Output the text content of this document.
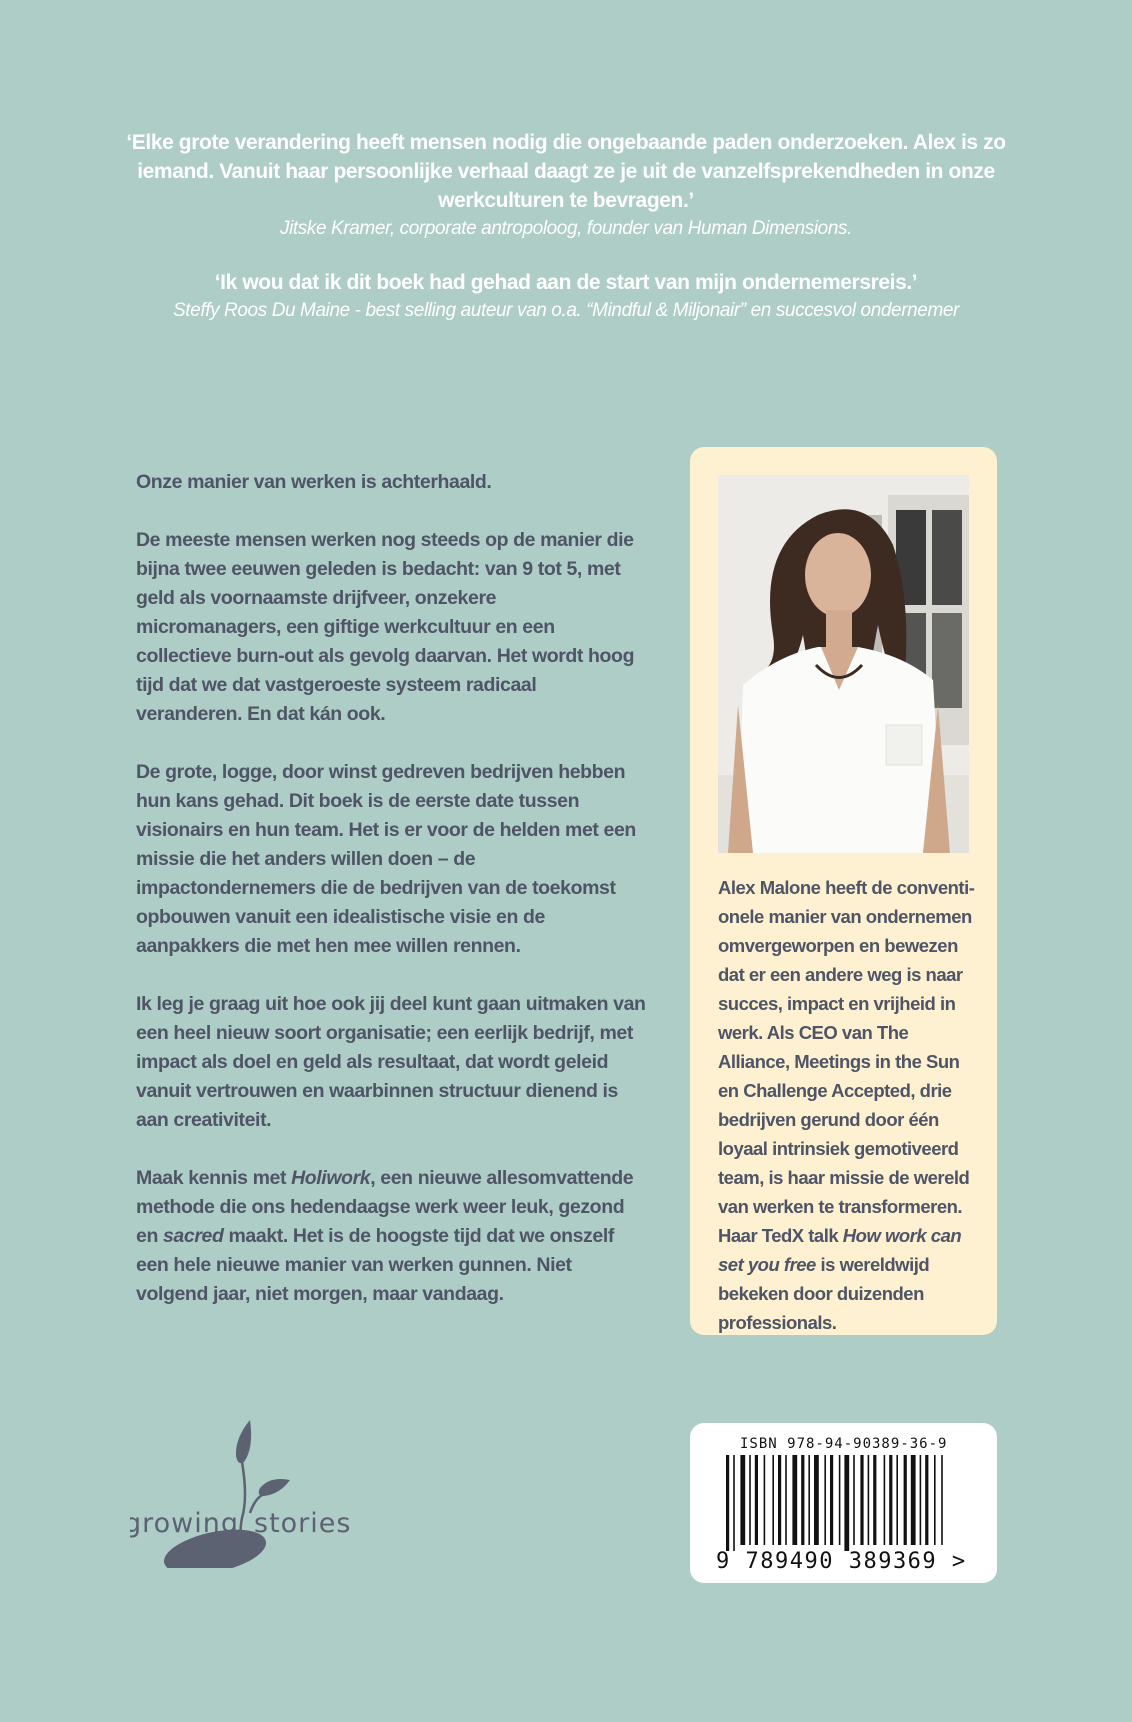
‘Elke grote verandering heeft mensen nodig die ongebaande paden onderzoeken. Alex is zo iemand. Vanuit haar persoonlijke verhaal daagt ze je uit de vanzelfsprekendheden in onze werkculturen te bevragen.’
Jitske Kramer, corporate antropoloog, founder van Human Dimensions.
‘Ik wou dat ik dit boek had gehad aan de start van mijn ondernemersreis.’
Steffy Roos Du Maine - best selling auteur van o.a. “Mindful & Miljonair” en succesvol ondernemer

Onze manier van werken is achterhaald.

De meeste mensen werken nog steeds op de manier die bijna twee eeuwen geleden is bedacht: van 9 tot 5, met geld als voornaamste drijfveer, onzekere micromanagers, een giftige werkcultuur en een collectieve burn-out als gevolg daarvan. Het wordt hoog tijd dat we dat vastgeroeste systeem radicaal veranderen. En dat kán ook.

De grote, logge, door winst gedreven bedrijven hebben hun kans gehad. Dit boek is de eerste date tussen visionairs en hun team. Het is er voor de helden met een missie die het anders willen doen – de impactondernemers die de bedrijven van de toekomst opbouwen vanuit een idealistische visie en de aanpakkers die met hen mee willen rennen.

Ik leg je graag uit hoe ook jij deel kunt gaan uitmaken van een heel nieuw soort organisatie; een eerlijk bedrijf, met impact als doel en geld als resultaat, dat wordt geleid vanuit vertrouwen en waarbinnen structuur dienend is aan creativiteit.

Maak kennis met Holiwork, een nieuwe allesomvattende methode die ons hedendaagse werk weer leuk, gezond en sacred maakt. Het is de hoogste tijd dat we onszelf een hele nieuwe manier van werken gunnen. Niet volgend jaar, niet morgen, maar vandaag.

Alex Malone heeft de conventionele manier van ondernemen omvergeworpen en bewezen dat er een andere weg is naar succes, impact en vrijheid in werk. Als CEO van The Alliance, Meetings in the Sun en Challenge Accepted, drie bedrijven gerund door één loyaal intrinsiek gemotiveerd team, is haar missie de wereld van werken te transformeren. Haar TedX talk How work can set you free is wereldwijd bekeken door duizenden professionals.
growing stories
ISBN 978-94-90389-36-9
9 789490 389369 >
